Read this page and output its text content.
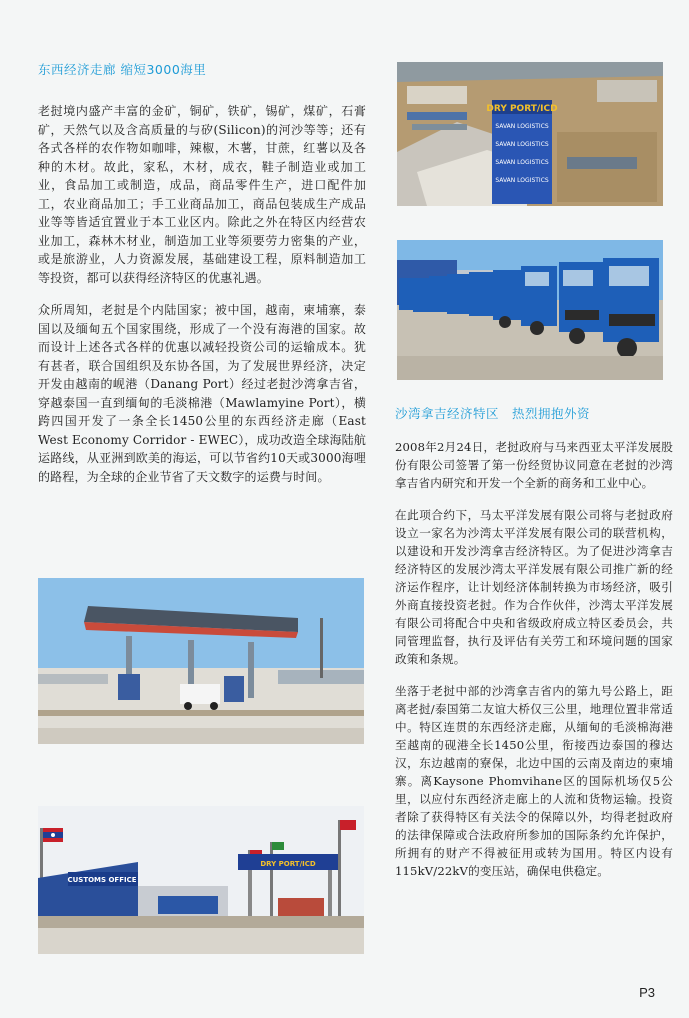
东西经济走廊 缩短3000海里

老挝境内盛产丰富的金矿，铜矿，铁矿，锡矿，煤矿，石膏矿，天然气以及含高质量的与矽(Silicon)的河沙等等；还有各式各样的农作物如咖啡，辣椒，木薯，甘蔗，红薯以及各种的木材。故此，家私，木材，成衣，鞋子制造业或加工业，食品加工或制造，成品，商品零件生产，进口配件加工，农业商品加工；手工业商品加工，商品包装成生产成品业等等皆适宜置业于本工业区内。除此之外在特区内经营农业加工，森林木材业，制造加工业等须要劳力密集的产业，或是旅游业，人力资源发展，基础建设工程，原料制造加工等投资，都可以获得经济特区的优惠礼遇。

众所周知，老挝是个内陆国家；被中国，越南，柬埔寨，泰国以及缅甸五个国家围绕，形成了一个没有海港的国家。故而设计上述各式各样的优惠以减轻投资公司的运输成本。犹有甚者，联合国组织及东协各国，为了发展世界经济，决定开发由越南的岘港（Danang Port）经过老挝沙湾拿吉省，穿越泰国一直到缅甸的毛淡棉港（Mawlamyine Port），横跨四国开发了一条全长1450公里的东西经济走廊（East West Economy Corridor - EWEC），成功改造全球海陆航运路线，从亚洲到欧美的海运，可以节省约10天或3000海哩的路程，为全球的企业节省了天文数字的运费与时间。

沙湾拿吉经济特区　热烈拥抱外资

2008年2月24日，老挝政府与马来西亚太平洋发展股份有限公司签署了第一份经贸协议同意在老挝的沙湾拿吉省内研究和开发一个全新的商务和工业中心。

在此项合约下，马太平洋发展有限公司将与老挝政府设立一家名为沙湾太平洋发展有限公司的联营机构，以建设和开发沙湾拿吉经济特区。为了促进沙湾拿吉经济特区的发展沙湾太平洋发展有限公司推广新的经济运作程序，让计划经济体制转换为市场经济，吸引外商直接投资老挝。作为合作伙伴，沙湾太平洋发展有限公司将配合中央和省级政府成立特区委员会，共同管理监督，执行及评估有关劳工和环境问题的国家政策和条规。

坐落于老挝中部的沙湾拿吉省内的第九号公路上，距离老挝/泰国第二友谊大桥仅三公里，地理位置非常适中。特区连贯的东西经济走廊，从缅甸的毛淡棉海港至越南的砚港全长1450公里，衔接西边泰国的穆达汉，东边越南的寮保，北边中国的云南及南边的柬埔寨。离Kaysone Phomvihane区的国际机场仅5公里，以应付东西经济走廊上的人流和货物运输。投资者除了获得特区有关法令的保障以外，均得老挝政府的法律保障或合法政府所参加的国际条约允许保护，所拥有的财产不得被征用或转为国用。特区内设有115kV/22kV的变压站，确保电供稳定。

DRY PORT/ICD
SAVAN LOGISTICS
SAVAN LOGISTICS
SAVAN LOGISTICS
SAVAN LOGISTICS
CUSTOMS OFFICE
DRY PORT/ICD
P3
